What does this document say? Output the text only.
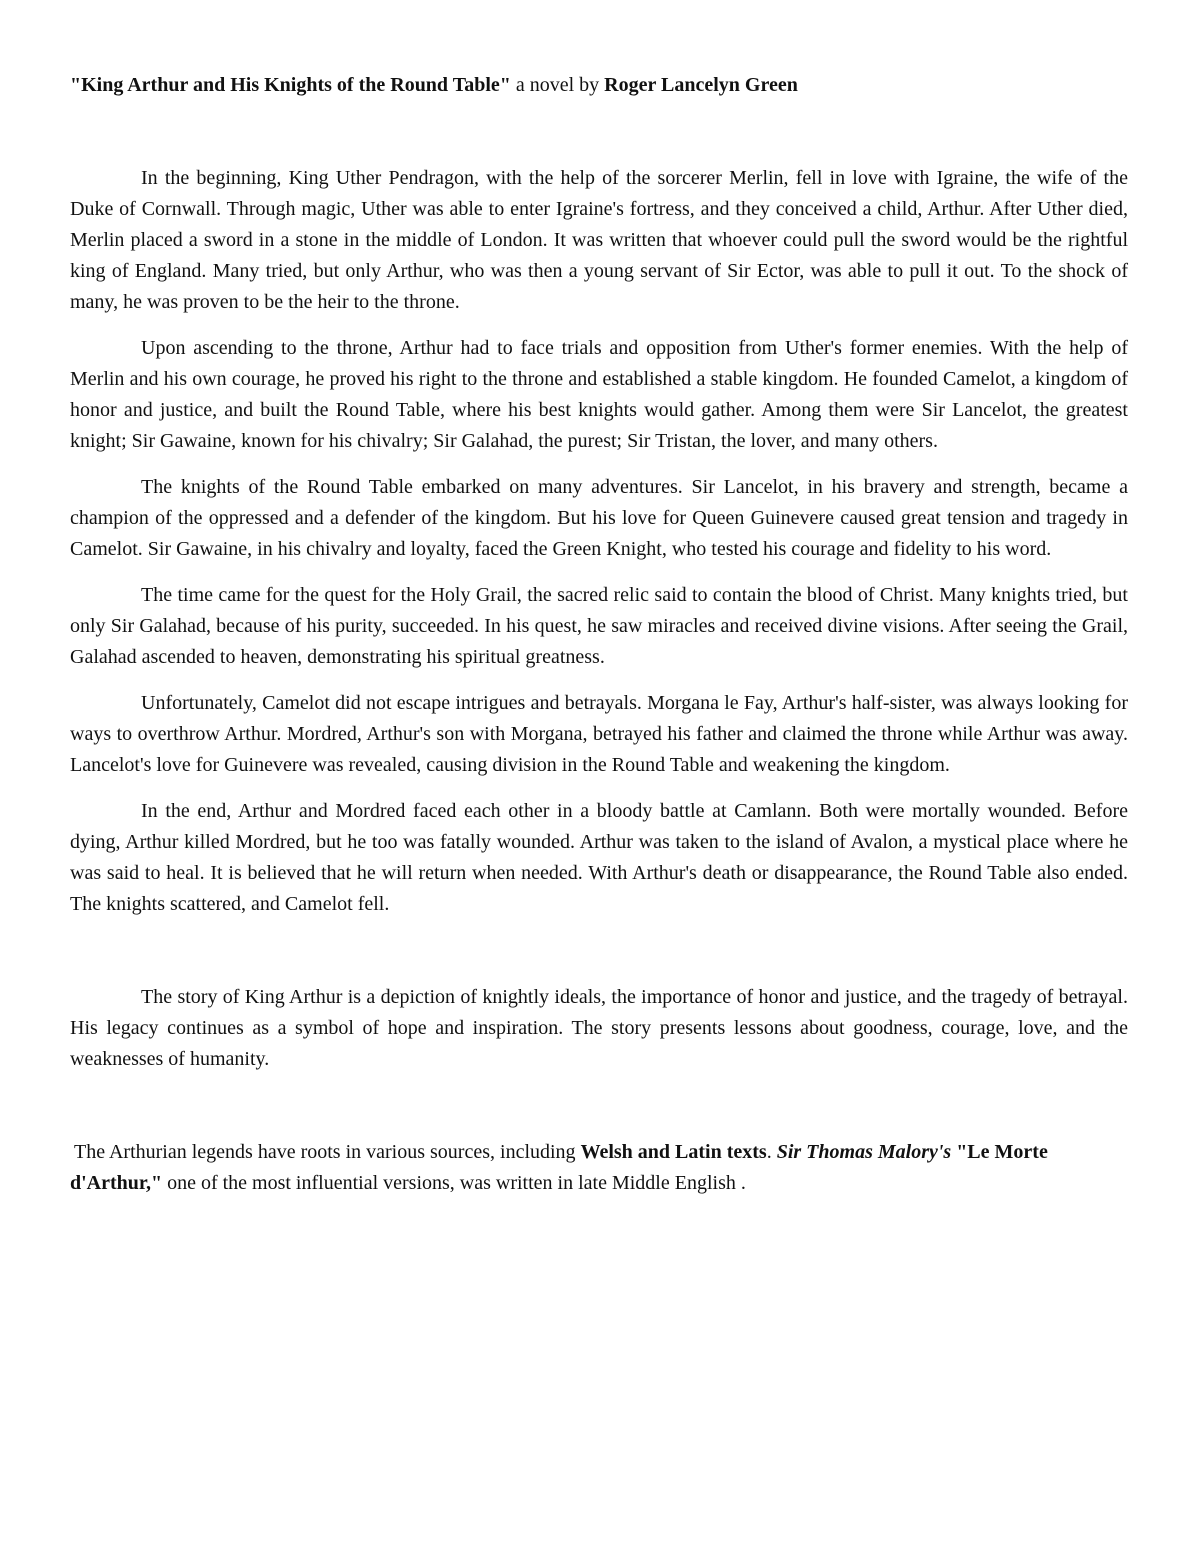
"King Arthur and His Knights of the Round Table" a novel by Roger Lancelyn Green

In the beginning, King Uther Pendragon, with the help of the sorcerer Merlin, fell in love with Igraine, the wife of the Duke of Cornwall. Through magic, Uther was able to enter Igraine's fortress, and they conceived a child, Arthur. After Uther died, Merlin placed a sword in a stone in the middle of London. It was written that whoever could pull the sword would be the rightful king of England. Many tried, but only Arthur, who was then a young servant of Sir Ector, was able to pull it out. To the shock of many, he was proven to be the heir to the throne.

Upon ascending to the throne, Arthur had to face trials and opposition from Uther's former enemies. With the help of Merlin and his own courage, he proved his right to the throne and established a stable kingdom. He founded Camelot, a kingdom of honor and justice, and built the Round Table, where his best knights would gather. Among them were Sir Lancelot, the greatest knight; Sir Gawaine, known for his chivalry; Sir Galahad, the purest; Sir Tristan, the lover, and many others.

The knights of the Round Table embarked on many adventures. Sir Lancelot, in his bravery and strength, became a champion of the oppressed and a defender of the kingdom. But his love for Queen Guinevere caused great tension and tragedy in Camelot. Sir Gawaine, in his chivalry and loyalty, faced the Green Knight, who tested his courage and fidelity to his word.

The time came for the quest for the Holy Grail, the sacred relic said to contain the blood of Christ. Many knights tried, but only Sir Galahad, because of his purity, succeeded. In his quest, he saw miracles and received divine visions. After seeing the Grail, Galahad ascended to heaven, demonstrating his spiritual greatness.

Unfortunately, Camelot did not escape intrigues and betrayals. Morgana le Fay, Arthur's half-sister, was always looking for ways to overthrow Arthur. Mordred, Arthur's son with Morgana, betrayed his father and claimed the throne while Arthur was away. Lancelot's love for Guinevere was revealed, causing division in the Round Table and weakening the kingdom.

In the end, Arthur and Mordred faced each other in a bloody battle at Camlann. Both were mortally wounded. Before dying, Arthur killed Mordred, but he too was fatally wounded. Arthur was taken to the island of Avalon, a mystical place where he was said to heal. It is believed that he will return when needed. With Arthur's death or disappearance, the Round Table also ended. The knights scattered, and Camelot fell.

The story of King Arthur is a depiction of knightly ideals, the importance of honor and justice, and the tragedy of betrayal. His legacy continues as a symbol of hope and inspiration. The story presents lessons about goodness, courage, love, and the weaknesses of humanity.

The Arthurian legends have roots in various sources, including Welsh and Latin texts. Sir Thomas Malory's "Le Morte d'Arthur," one of the most influential versions, was written in late Middle English .
